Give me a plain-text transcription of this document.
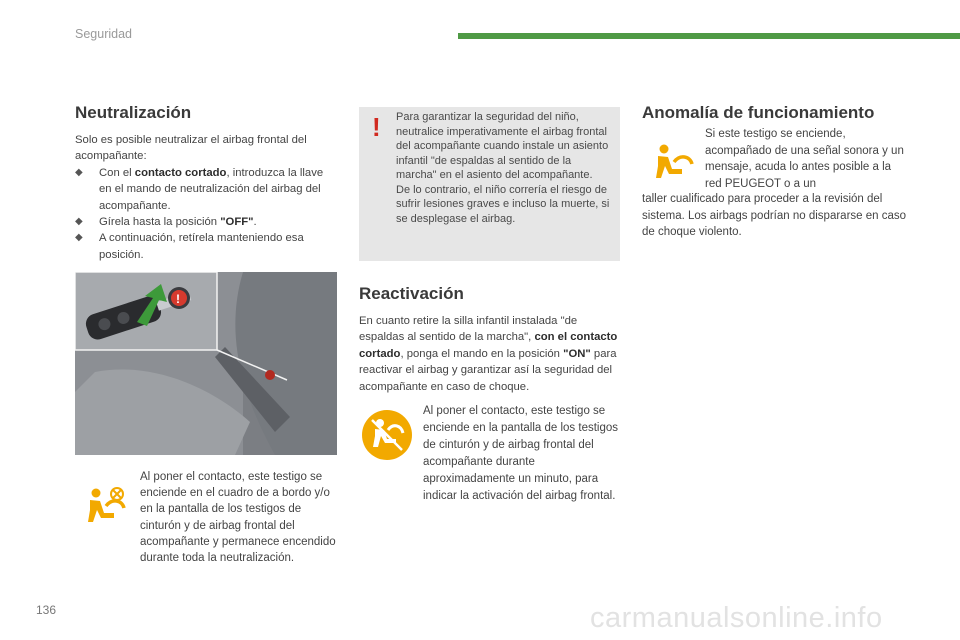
Seguridad
Neutralización

Solo es posible neutralizar el airbag frontal del acompañante:

◆ Con el contacto cortado, introduzca la llave en el mando de neutralización del airbag del acompañante.
◆ Gírela hasta la posición "OFF".
◆ A continuación, retírela manteniendo esa posición.
!

Al poner el contacto, este testigo se enciende en el cuadro de a bordo y/o en la pantalla de los testigos de cinturón y de airbag frontal del acompañante y permanece encendido durante toda la neutralización.

! Para garantizar la seguridad del niño, neutralice imperativamente el airbag frontal del acompañante cuando instale un asiento infantil "de espaldas al sentido de la marcha" en el asiento del acompañante.

De lo contrario, el niño correría el riesgo de sufrir lesiones graves e incluso la muerte, si se desplegase el airbag.

Reactivación

En cuanto retire la silla infantil instalada "de espaldas al sentido de la marcha", con el contacto cortado, ponga el mando en la posición "ON" para reactivar el airbag y garantizar así la seguridad del acompañante en caso de choque.

Al poner el contacto, este testigo se enciende en la pantalla de los testigos de cinturón y de airbag frontal del acompañante durante aproximadamente un minuto, para indicar la activación del airbag frontal.

Anomalía de funcionamiento

Si este testigo se enciende, acompañado de una señal sonora y un mensaje, acuda lo antes posible a la red PEUGEOT o a un

taller cualificado para proceder a la revisión del sistema. Los airbags podrían no dispararse en caso de choque violento.

136	carmanualsonline.info
